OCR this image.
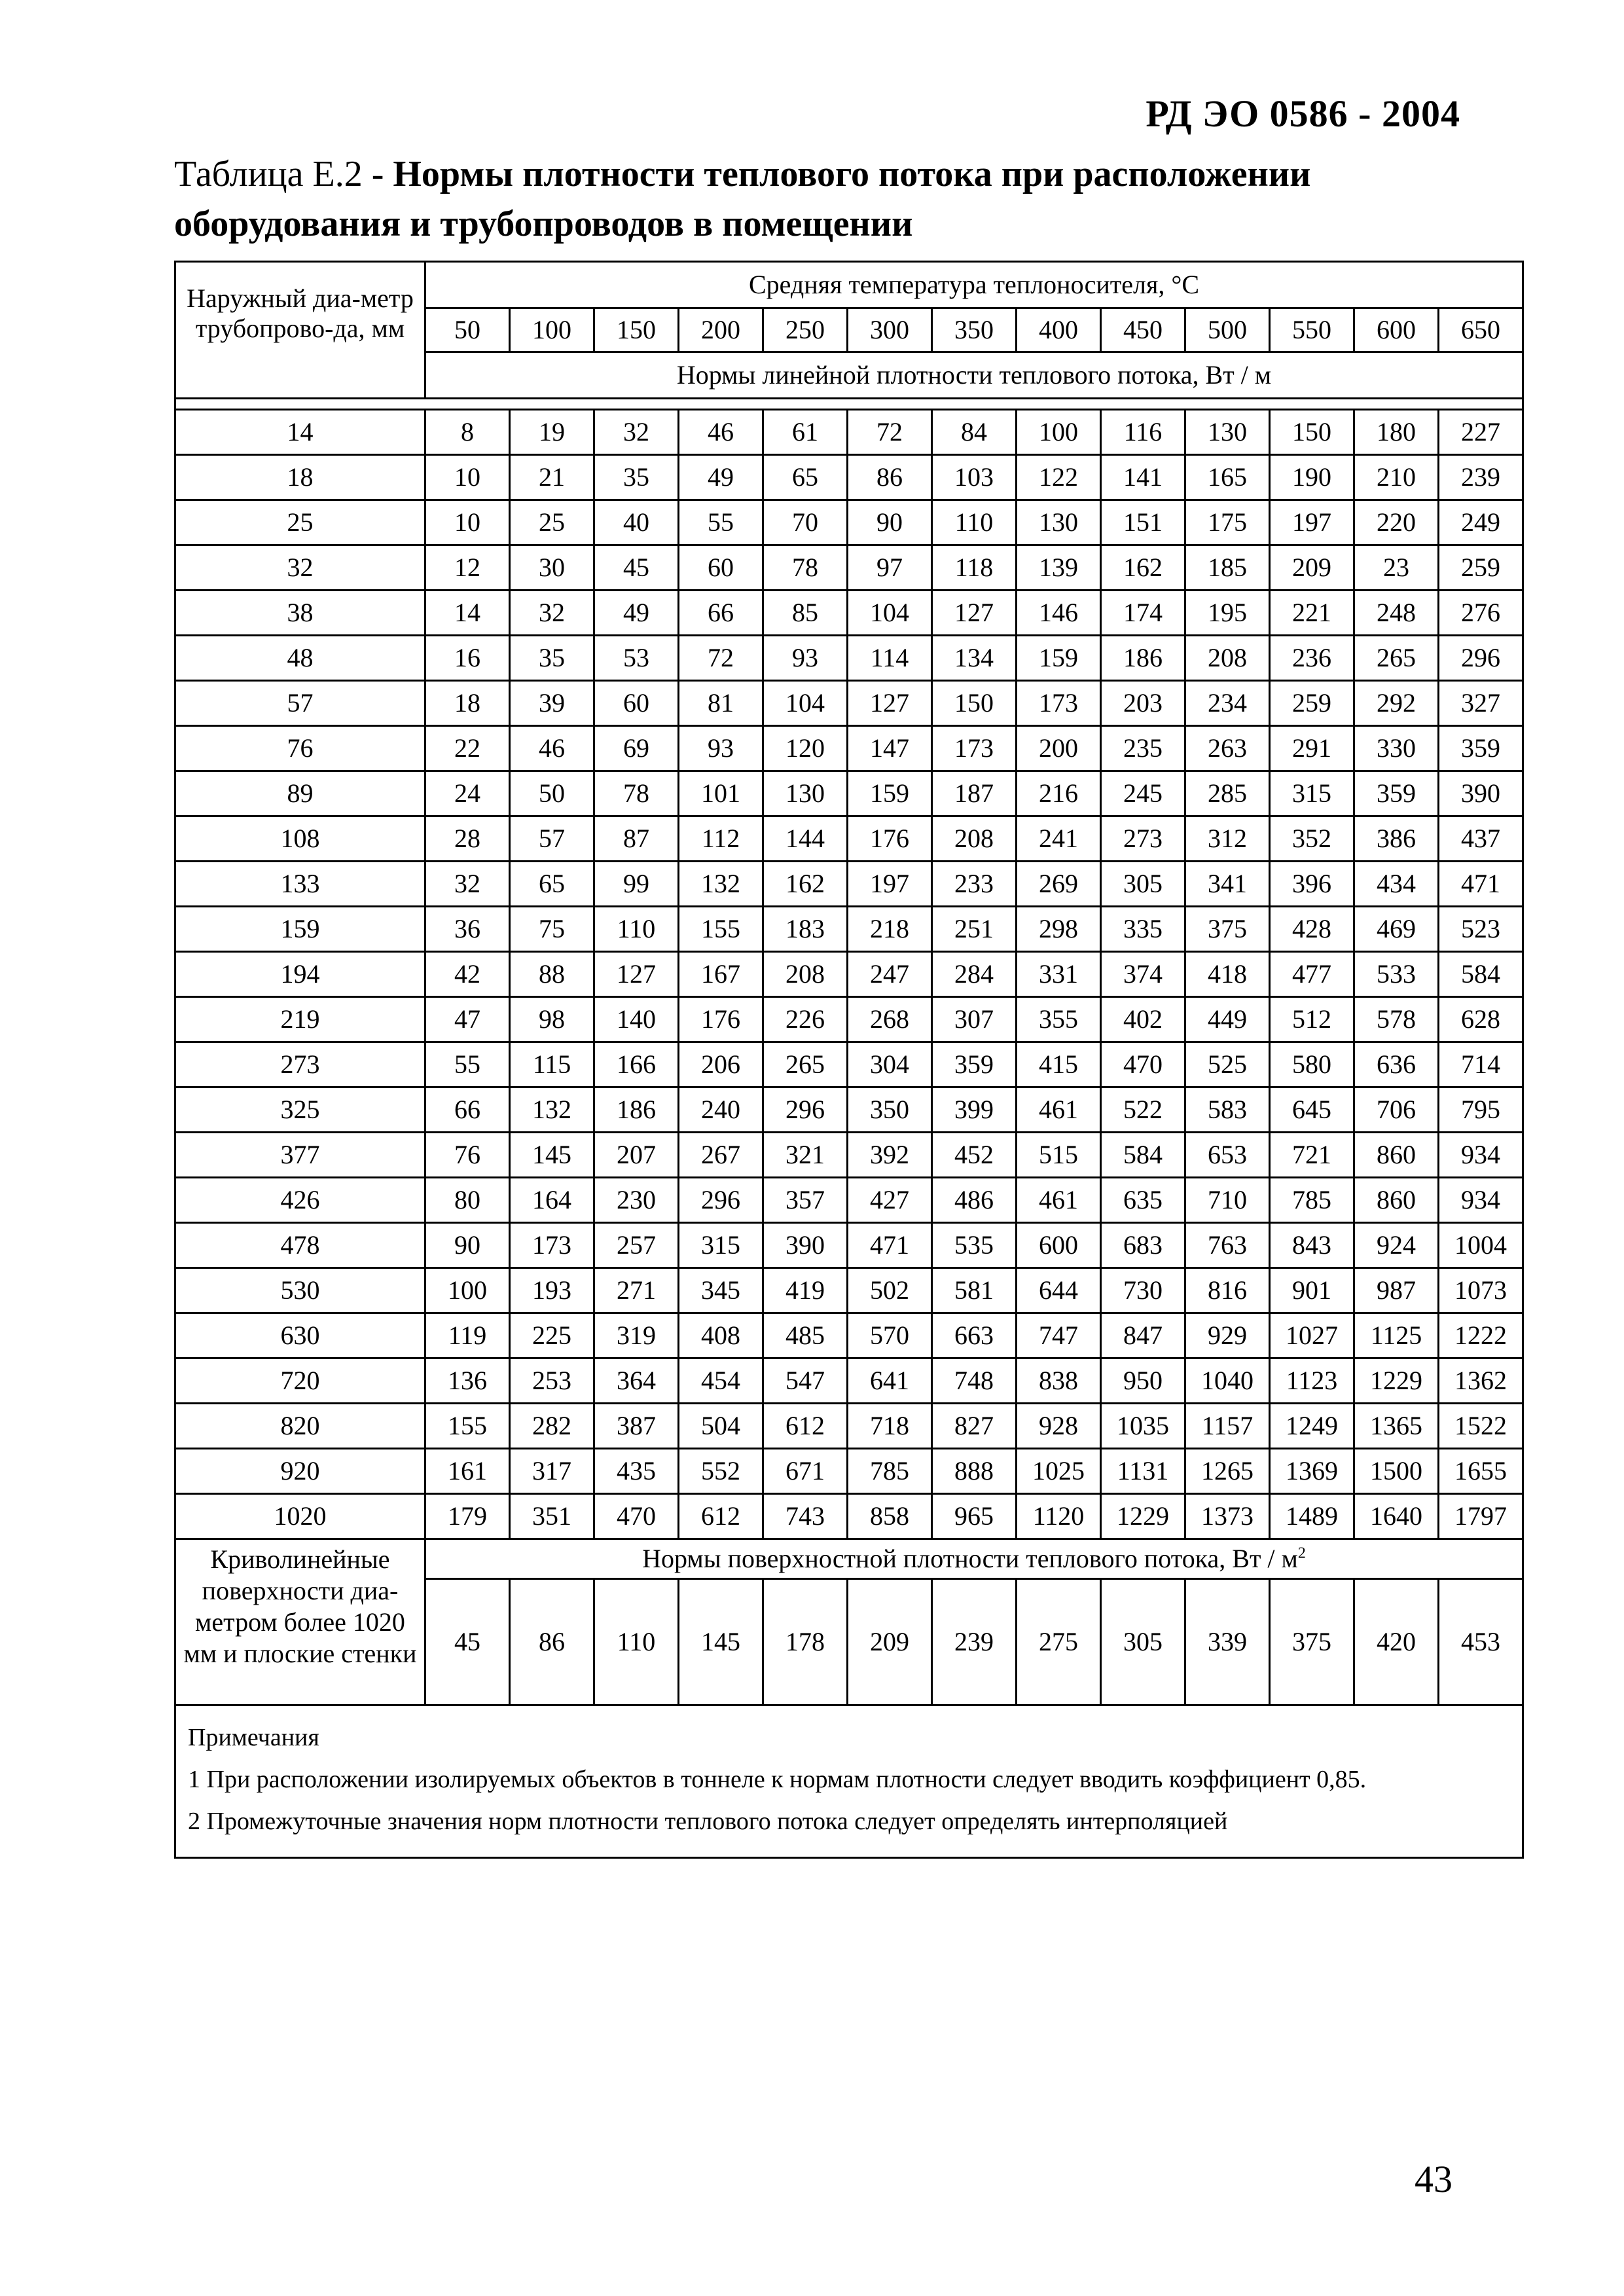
РД ЭО 0586 - 2004
Таблица Е.2 - Нормы плотности теплового потока при расположении
оборудования и трубопроводов в помещении
Наружный диа-метр трубопрово-да, мм	Средняя температура теплоносителя, °С												
	50	100	150	200	250	300	350	400	450	500	550	600	650
	Нормы линейной плотности теплового потока, Вт / м												

14	8	19	32	46	61	72	84	100	116	130	150	180	227
18	10	21	35	49	65	86	103	122	141	165	190	210	239
25	10	25	40	55	70	90	110	130	151	175	197	220	249
32	12	30	45	60	78	97	118	139	162	185	209	23	259
38	14	32	49	66	85	104	127	146	174	195	221	248	276
48	16	35	53	72	93	114	134	159	186	208	236	265	296
57	18	39	60	81	104	127	150	173	203	234	259	292	327
76	22	46	69	93	120	147	173	200	235	263	291	330	359
89	24	50	78	101	130	159	187	216	245	285	315	359	390
108	28	57	87	112	144	176	208	241	273	312	352	386	437
133	32	65	99	132	162	197	233	269	305	341	396	434	471
159	36	75	110	155	183	218	251	298	335	375	428	469	523
194	42	88	127	167	208	247	284	331	374	418	477	533	584
219	47	98	140	176	226	268	307	355	402	449	512	578	628
273	55	115	166	206	265	304	359	415	470	525	580	636	714
325	66	132	186	240	296	350	399	461	522	583	645	706	795
377	76	145	207	267	321	392	452	515	584	653	721	860	934
426	80	164	230	296	357	427	486	461	635	710	785	860	934
478	90	173	257	315	390	471	535	600	683	763	843	924	1004
530	100	193	271	345	419	502	581	644	730	816	901	987	1073
630	119	225	319	408	485	570	663	747	847	929	1027	1125	1222
720	136	253	364	454	547	641	748	838	950	1040	1123	1229	1362
820	155	282	387	504	612	718	827	928	1035	1157	1249	1365	1522
920	161	317	435	552	671	785	888	1025	1131	1265	1369	1500	1655
1020	179	351	470	612	743	858	965	1120	1229	1373	1489	1640	1797
Криволинейные поверхности диа-метром более 1020 мм и плоские стенки	Нормы поверхностной плотности теплового потока, Вт / $м^2$
	45	86	110	145	178	209	239	275	305	339	375	420	453

Примечания
1 При расположении изолируемых объектов в тоннеле к нормам плотности следует вводить коэффициент 0,85.
2 Промежуточные значения норм плотности теплового потока следует определять интерполяцией													
43
